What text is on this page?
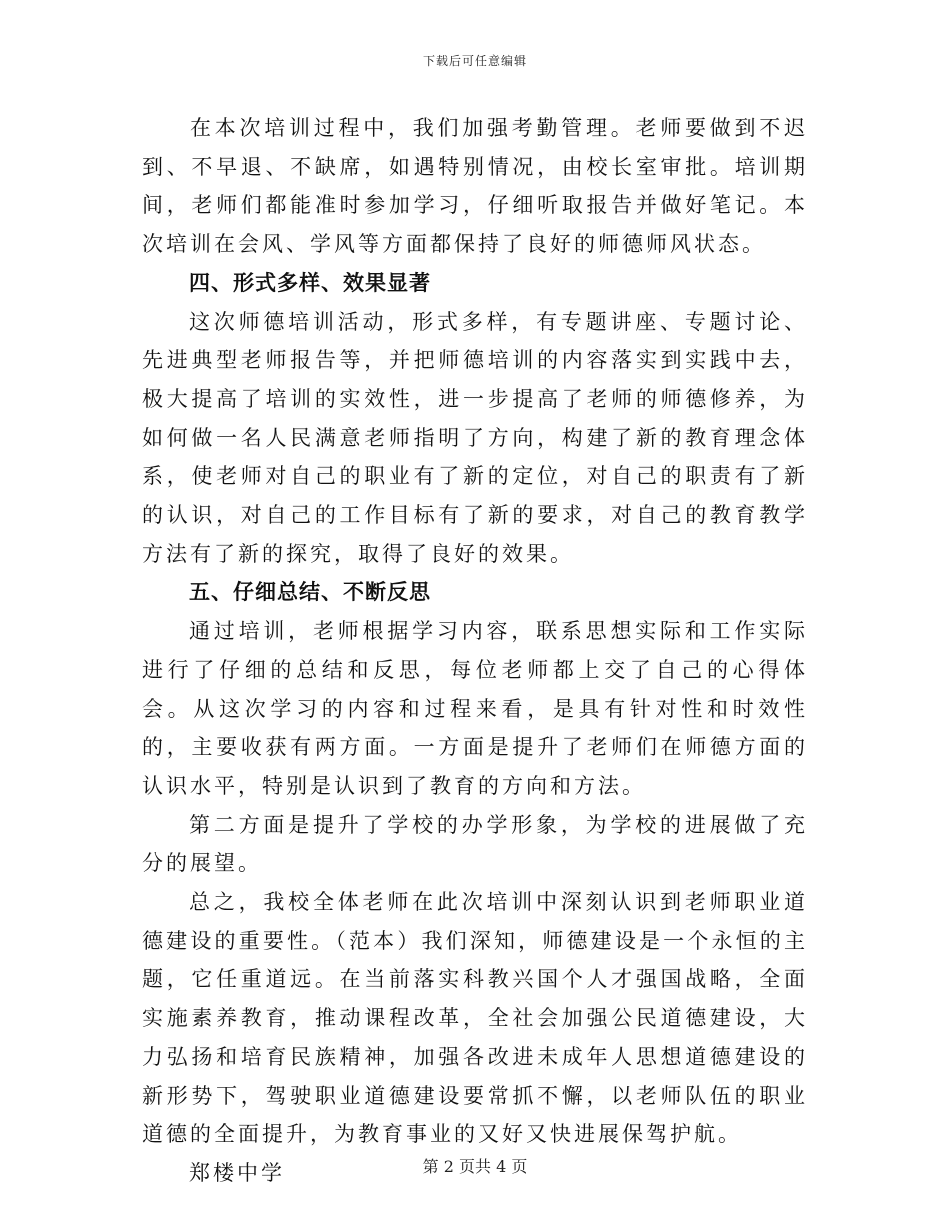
下载后可任意编辑

在本次培训过程中，我们加强考勤管理。老师要做到不迟到、不早退、不缺席，如遇特别情况，由校长室审批。培训期间，老师们都能准时参加学习，仔细听取报告并做好笔记。本次培训在会风、学风等方面都保持了良好的师德师风状态。

四、形式多样、效果显著

这次师德培训活动，形式多样，有专题讲座、专题讨论、先进典型老师报告等，并把师德培训的内容落实到实践中去，极大提高了培训的实效性，进一步提高了老师的师德修养，为如何做一名人民满意老师指明了方向，构建了新的教育理念体系，使老师对自己的职业有了新的定位，对自己的职责有了新的认识，对自己的工作目标有了新的要求，对自己的教育教学方法有了新的探究，取得了良好的效果。

五、仔细总结、不断反思

通过培训，老师根据学习内容，联系思想实际和工作实际进行了仔细的总结和反思，每位老师都上交了自己的心得体会。从这次学习的内容和过程来看，是具有针对性和时效性的，主要收获有两方面。一方面是提升了老师们在师德方面的认识水平，特别是认识到了教育的方向和方法。

第二方面是提升了学校的办学形象，为学校的进展做了充分的展望。

总之，我校全体老师在此次培训中深刻认识到老师职业道德建设的重要性。（范本）我们深知，师德建设是一个永恒的主题，它任重道远。在当前落实科教兴国个人才强国战略，全面实施素养教育，推动课程改革，全社会加强公民道德建设，大力弘扬和培育民族精神，加强各改进未成年人思想道德建设的新形势下，驾驶职业道德建设要常抓不懈，以老师队伍的职业道德的全面提升，为教育事业的又好又快进展保驾护航。

郑楼中学	第 2 页共 4 页
